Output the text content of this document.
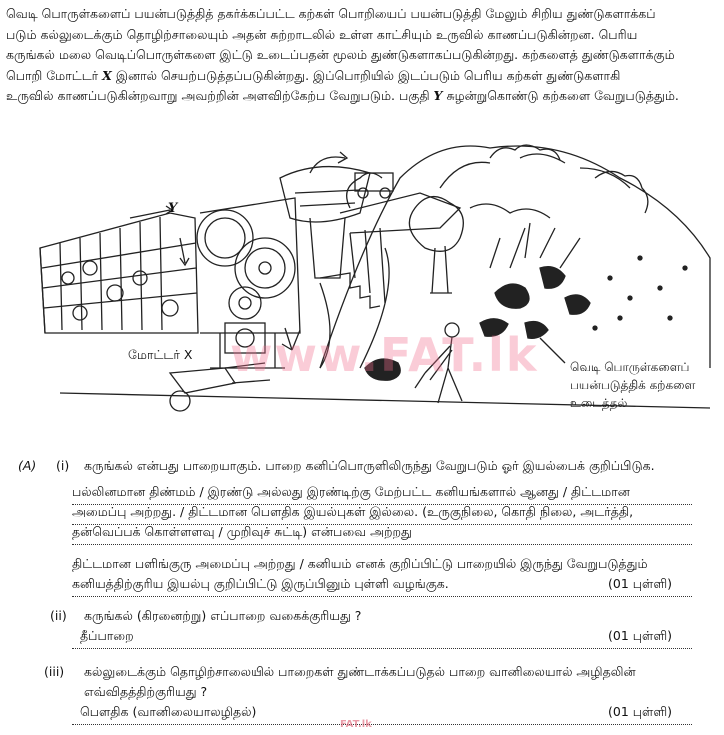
வெடி பொருள்களைப் பயன்படுத்தித் தகர்க்கப்பட்ட கற்கள் பொறியைப் பயன்படுத்தி மேலும் சிறிய துண்டுகளாக்கப்
படும் கல்லுடைக்கும் தொழிற்சாலையும் அதன் சுற்றாடலில் உள்ள காட்சியும் உருவில் காணப்படுகின்றன. பெரிய
கருங்கல் மலை வெடிப்பொருள்களை இட்டு உடைப்பதன் மூலம் துண்டுகளாகப்படுகின்றது. கற்களைத் துண்டுகளாக்கும்
பொறி மோட்டர் X இனால் செயற்படுத்தப்படுகின்றது. இப்பொறியில் இடப்படும் பெரிய கற்கள் துண்டுகளாகி
உருவில் காணப்படுகின்றவாறு அவற்றின் அளவிற்கேற்ப வேறுபடும். பகுதி Y சுழன்றுகொண்டு கற்களை வேறுபடுத்தும்.
Y
www.FAT.lk
மோட்டர் X
வெடி பொருள்களைப்
பயன்படுத்திக் கற்களை
உடைத்தல்
(A) (i) கருங்கல் என்பது பாறையாகும். பாறை கனிப்பொருளிலிருந்து வேறுபடும் ஓர் இயல்பைக் குறிப்பிடுக.
பல்லினமான திண்மம் / இரண்டு அல்லது இரண்டிற்கு மேற்பட்ட கனியங்களால் ஆனது / திட்டமான
அமைப்பு அற்றது. / திட்டமான பௌதிக இயல்புகள் இல்லை. (உருகுநிலை, கொதி நிலை, அடர்த்தி,
தன்வெப்பக் கொள்ளளவு / முறிவுச் சுட்டி) என்பவை அற்றது
திட்டமான பளிங்குரு அமைப்பு அற்றது / கனியம் எனக் குறிப்பிட்டு பாறையில் இருந்து வேறுபடுத்தும்
கனியத்திற்குரிய இயல்பு குறிப்பிட்டு இருப்பினும் புள்ளி வழங்குக.	(01 புள்ளி)
(ii) கருங்கல் (கிரனைற்று) எப்பாறை வகைக்குரியது ?
தீப்பாறை	(01 புள்ளி)
(iii) கல்லுடைக்கும் தொழிற்சாலையில் பாறைகள் துண்டாக்கப்படுதல் பாறை வானிலையால் அழிதலின்
எவ்விதத்திற்குரியது ?
பௌதிக (வானிலையாலழிதல்)	(01 புள்ளி)
FAT.lk
